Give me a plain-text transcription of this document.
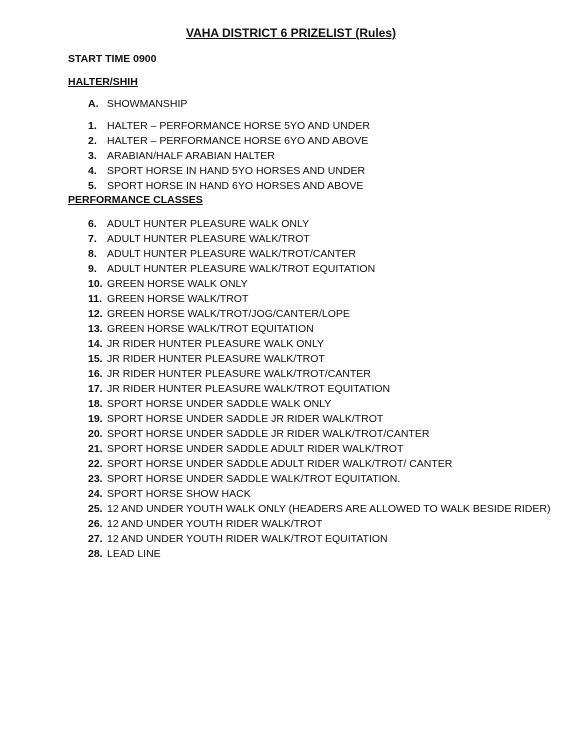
VAHA DISTRICT 6 PRIZELIST (Rules)
START TIME 0900
HALTER/SHIH
A. SHOWMANSHIP
1. HALTER – PERFORMANCE HORSE 5YO AND UNDER
2. HALTER – PERFORMANCE HORSE 6YO AND ABOVE
3. ARABIAN/HALF ARABIAN HALTER
4. SPORT HORSE IN HAND 5YO HORSES AND UNDER
5. SPORT HORSE IN HAND 6YO HORSES AND ABOVE
PERFORMANCE CLASSES
6. ADULT HUNTER PLEASURE WALK ONLY
7. ADULT HUNTER PLEASURE WALK/TROT
8. ADULT HUNTER PLEASURE WALK/TROT/CANTER
9. ADULT HUNTER PLEASURE WALK/TROT EQUITATION
10. GREEN HORSE WALK ONLY
11. GREEN HORSE WALK/TROT
12. GREEN HORSE WALK/TROT/JOG/CANTER/LOPE
13. GREEN HORSE WALK/TROT EQUITATION
14. JR RIDER HUNTER PLEASURE WALK ONLY
15. JR RIDER HUNTER PLEASURE WALK/TROT
16. JR RIDER HUNTER PLEASURE WALK/TROT/CANTER
17. JR RIDER HUNTER PLEASURE WALK/TROT EQUITATION
18. SPORT HORSE UNDER SADDLE WALK ONLY
19. SPORT HORSE UNDER SADDLE JR RIDER WALK/TROT
20. SPORT HORSE UNDER SADDLE JR RIDER WALK/TROT/CANTER
21. SPORT HORSE UNDER SADDLE ADULT RIDER WALK/TROT
22. SPORT HORSE UNDER SADDLE ADULT RIDER WALK/TROT/ CANTER
23. SPORT HORSE UNDER SADDLE WALK/TROT EQUITATION.
24. SPORT HORSE SHOW HACK
25. 12 AND UNDER YOUTH WALK ONLY (HEADERS ARE ALLOWED TO WALK BESIDE RIDER)
26. 12 AND UNDER YOUTH RIDER WALK/TROT
27. 12 AND UNDER YOUTH RIDER WALK/TROT EQUITATION
28. LEAD LINE
